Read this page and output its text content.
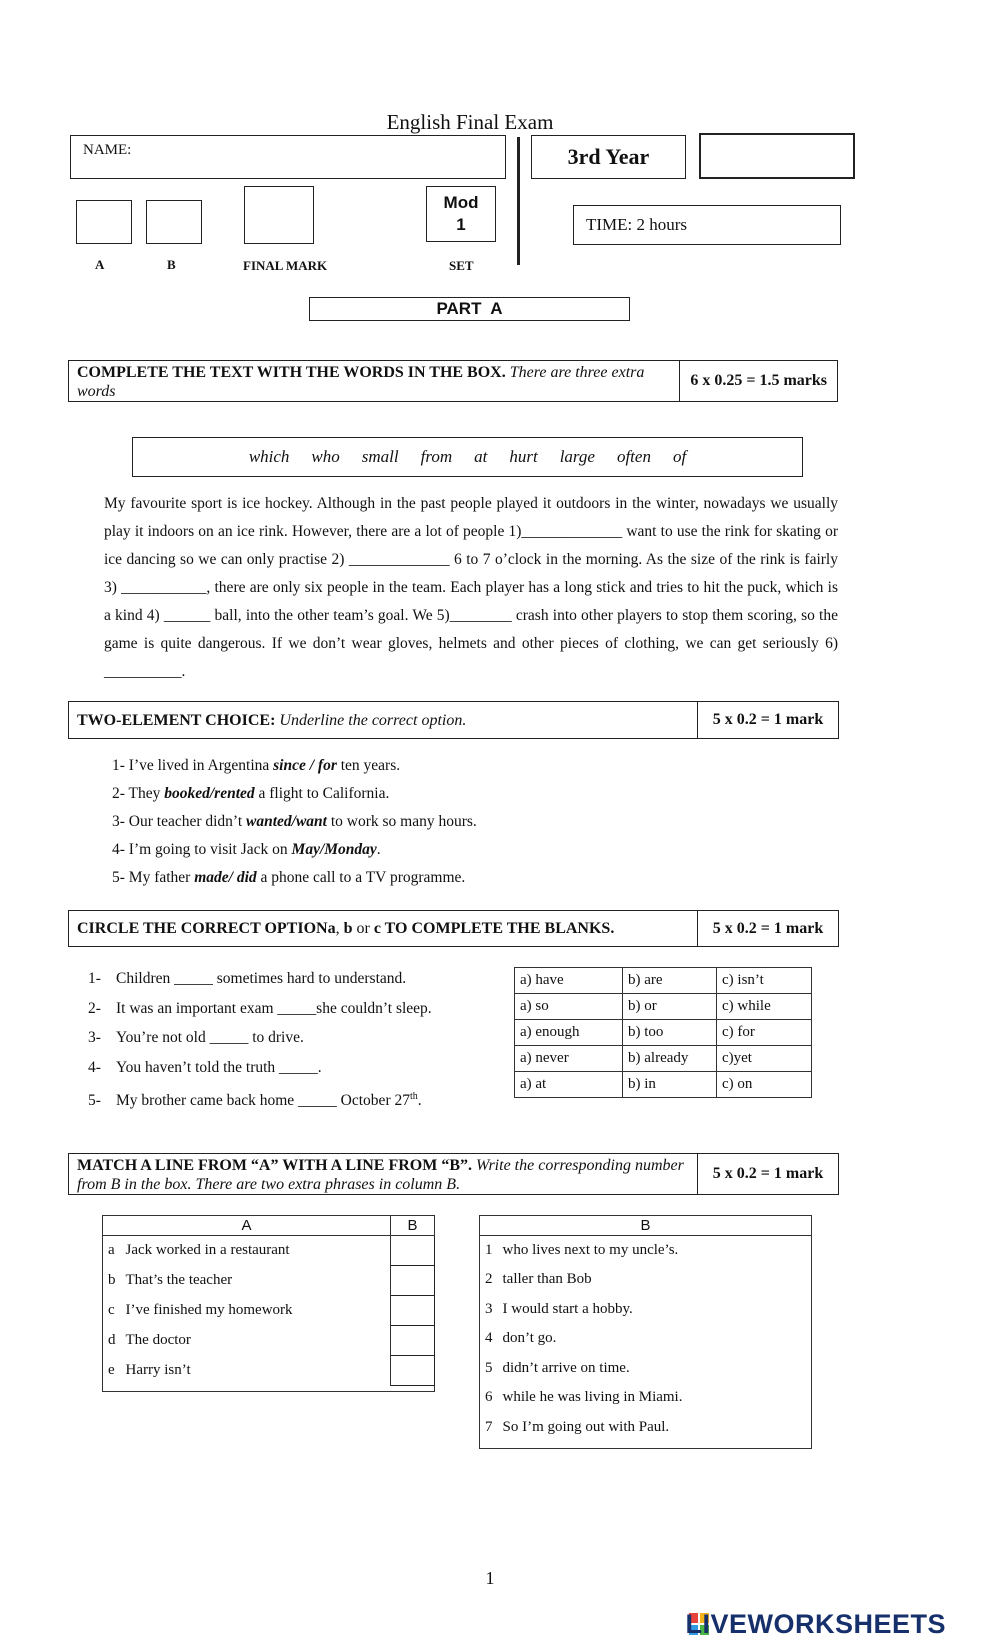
English Final Exam
NAME:	3rd Year
Mod
1	TIME: 2 hours
A	B	FINAL MARK	SET
PART  A
COMPLETE THE TEXT WITH THE WORDS IN THE BOX. There are three extra words
6 x 0.25 = 1.5 marks
which who small from at hurt large often of
My favourite sport is ice hockey. Although in the past people played it outdoors in the winter, nowadays we usually play it indoors on an ice rink. However, there are a lot of people 1)_____________ want to use the rink for skating or ice dancing so we can only practise 2) _____________ 6 to 7 o’clock in the morning. As the size of the rink is fairly 3) ___________, there are only six people in the team. Each player has a long stick and tries to hit the puck, which is a kind 4) ______ ball, into the other team’s goal. We 5)________ crash into other players to stop them scoring, so the game is quite dangerous. If we don’t wear gloves, helmets and other pieces of clothing, we can get seriously 6) __________.
TWO-ELEMENT CHOICE:
Underline the correct option.	5 x 0.2 = 1 mark
1- I’ve lived in Argentina since / for ten years.
2- They booked/rented a flight to California.
3- Our teacher didn’t wanted/want to work so many hours.
4- I’m going to visit Jack on May/Monday.
5- My father made/ did a phone call to a TV programme.
CIRCLE THE CORRECT OPTION a , b or c TO COMPLETE THE BLANKS.	5 x 0.2 = 1 mark
1- Children _____ sometimes hard to understand.
2- It was an important exam _____she couldn’t sleep.
3- You’re not old _____ to drive.
4- You haven’t told the truth _____.
5- My brother came back home _____ October 27th.
a) have	b) are	c) isn’t
a) so	b) or	c) while
a) enough	b) too	c) for
a) never	b) already	c)yet
a) at	b) in	c) on
MATCH A LINE FROM “A” WITH A LINE FROM “B”. Write the corresponding number from B in the box. There are two extra phrases in column B.
5 x 0.2 = 1 mark
A		B
a	Jack worked in a restaurant	
b	That’s the teacher	
c	I’ve finished my homework	
d	The doctor	
e	Harry isn’t	

B	
1	who lives next to my uncle’s.
2	taller than Bob
3	I would start a hobby.
4	don’t go.
5	didn’t arrive on time.
6	while he was living in Miami.
7	So I’m going out with Paul.

1
LIVEWORKSHEETS
